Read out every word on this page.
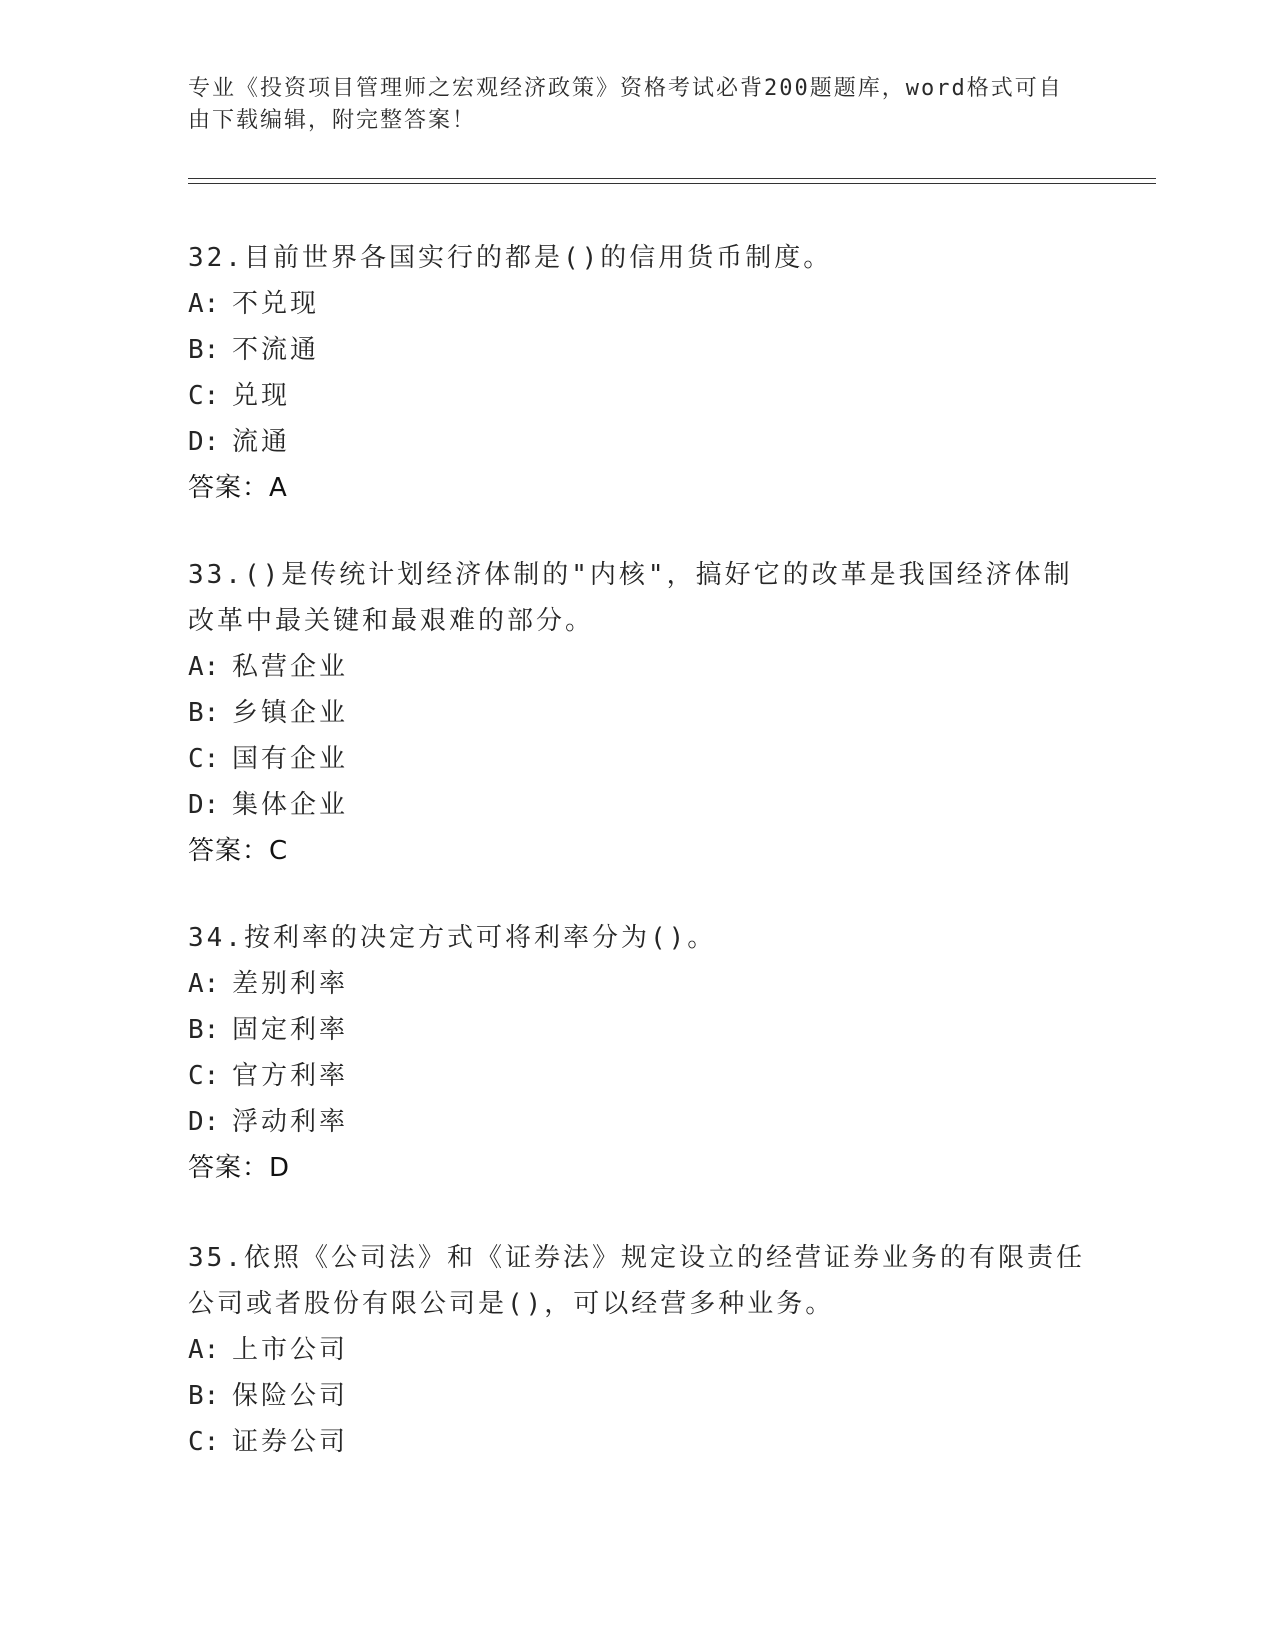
专业《投资项目管理师之宏观经济政策》资格考试必背200题题库，word格式可自由下载编辑，附完整答案！

32.目前世界各国实行的都是()的信用货币制度。

A: 不兑现

B: 不流通

C: 兑现

D: 流通

答案：A

33.()是传统计划经济体制的"内核"，搞好它的改革是我国经济体制改革中最关键和最艰难的部分。

A: 私营企业

B: 乡镇企业

C: 国有企业

D: 集体企业

答案：C

34.按利率的决定方式可将利率分为()。

A: 差别利率

B: 固定利率

C: 官方利率

D: 浮动利率

答案：D

35.依照《公司法》和《证券法》规定设立的经营证券业务的有限责任公司或者股份有限公司是()，可以经营多种业务。

A: 上市公司

B: 保险公司

C: 证券公司
